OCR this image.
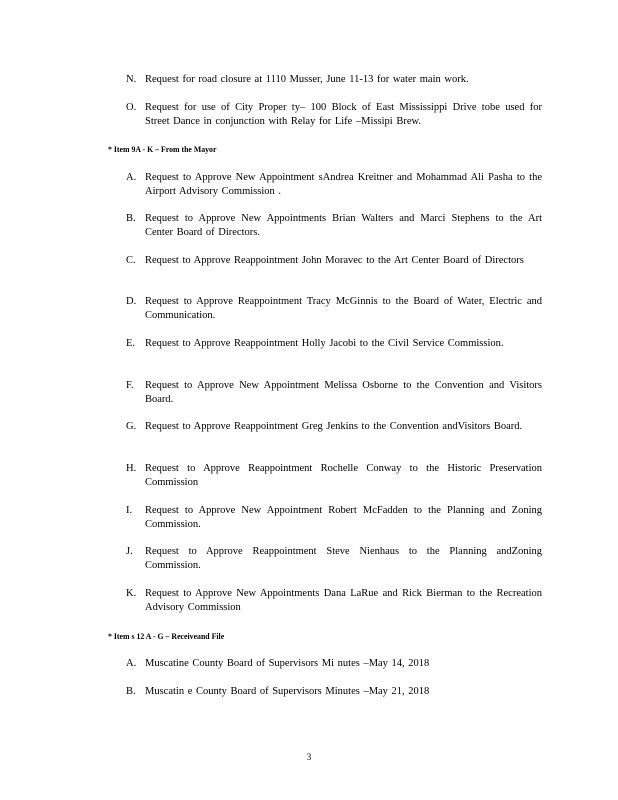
N. Request for road closure at 1110 Musser, June 11-13 for water main work.
O. Request for use of City Proper ty– 100 Block of East Mississippi Drive tobe used for Street Dance in conjunction with Relay for Life –Missipi Brew.
* Item 9A - K – From the Mayor
A. Request to Approve New Appointment sAndrea Kreitner and Mohammad Ali Pasha to the Airport Advisory Commission .
B. Request to Approve New Appointments Brian Walters and Marci Stephens to the Art Center Board of Directors.
C. Request to Approve Reappointment John Moravec to the Art Center Board of Directors
D. Request to Approve Reappointment Tracy McGinnis to the Board of Water, Electric and Communication.
E. Request to Approve Reappointment Holly Jacobi to the Civil Service Commission.
F.	Request to Approve New Appointment Melissa Osborne to the Convention and Visitors Board.
G. Request to Approve Reappointment Greg Jenkins to the Convention andVisitors Board.
H. Request to Approve Reappointment Rochelle Conway to the Historic Preservation Commission
I.	Request to Approve New Appointment Robert McFadden to the Planning and Zoning Commission.
J.	Request to Approve Reappointment Steve Nienhaus to the Planning andZoning Commission.
K. Request to Approve New Appointments Dana LaRue and Rick Bierman to the Recreation Advisory Commission
* Item s 12 A - G – Receiveand File
A. Muscatine County Board of Supervisors Mi nutes –May 14, 2018
B. Muscatin e County Board of Supervisors Minutes –May 21, 2018
3
